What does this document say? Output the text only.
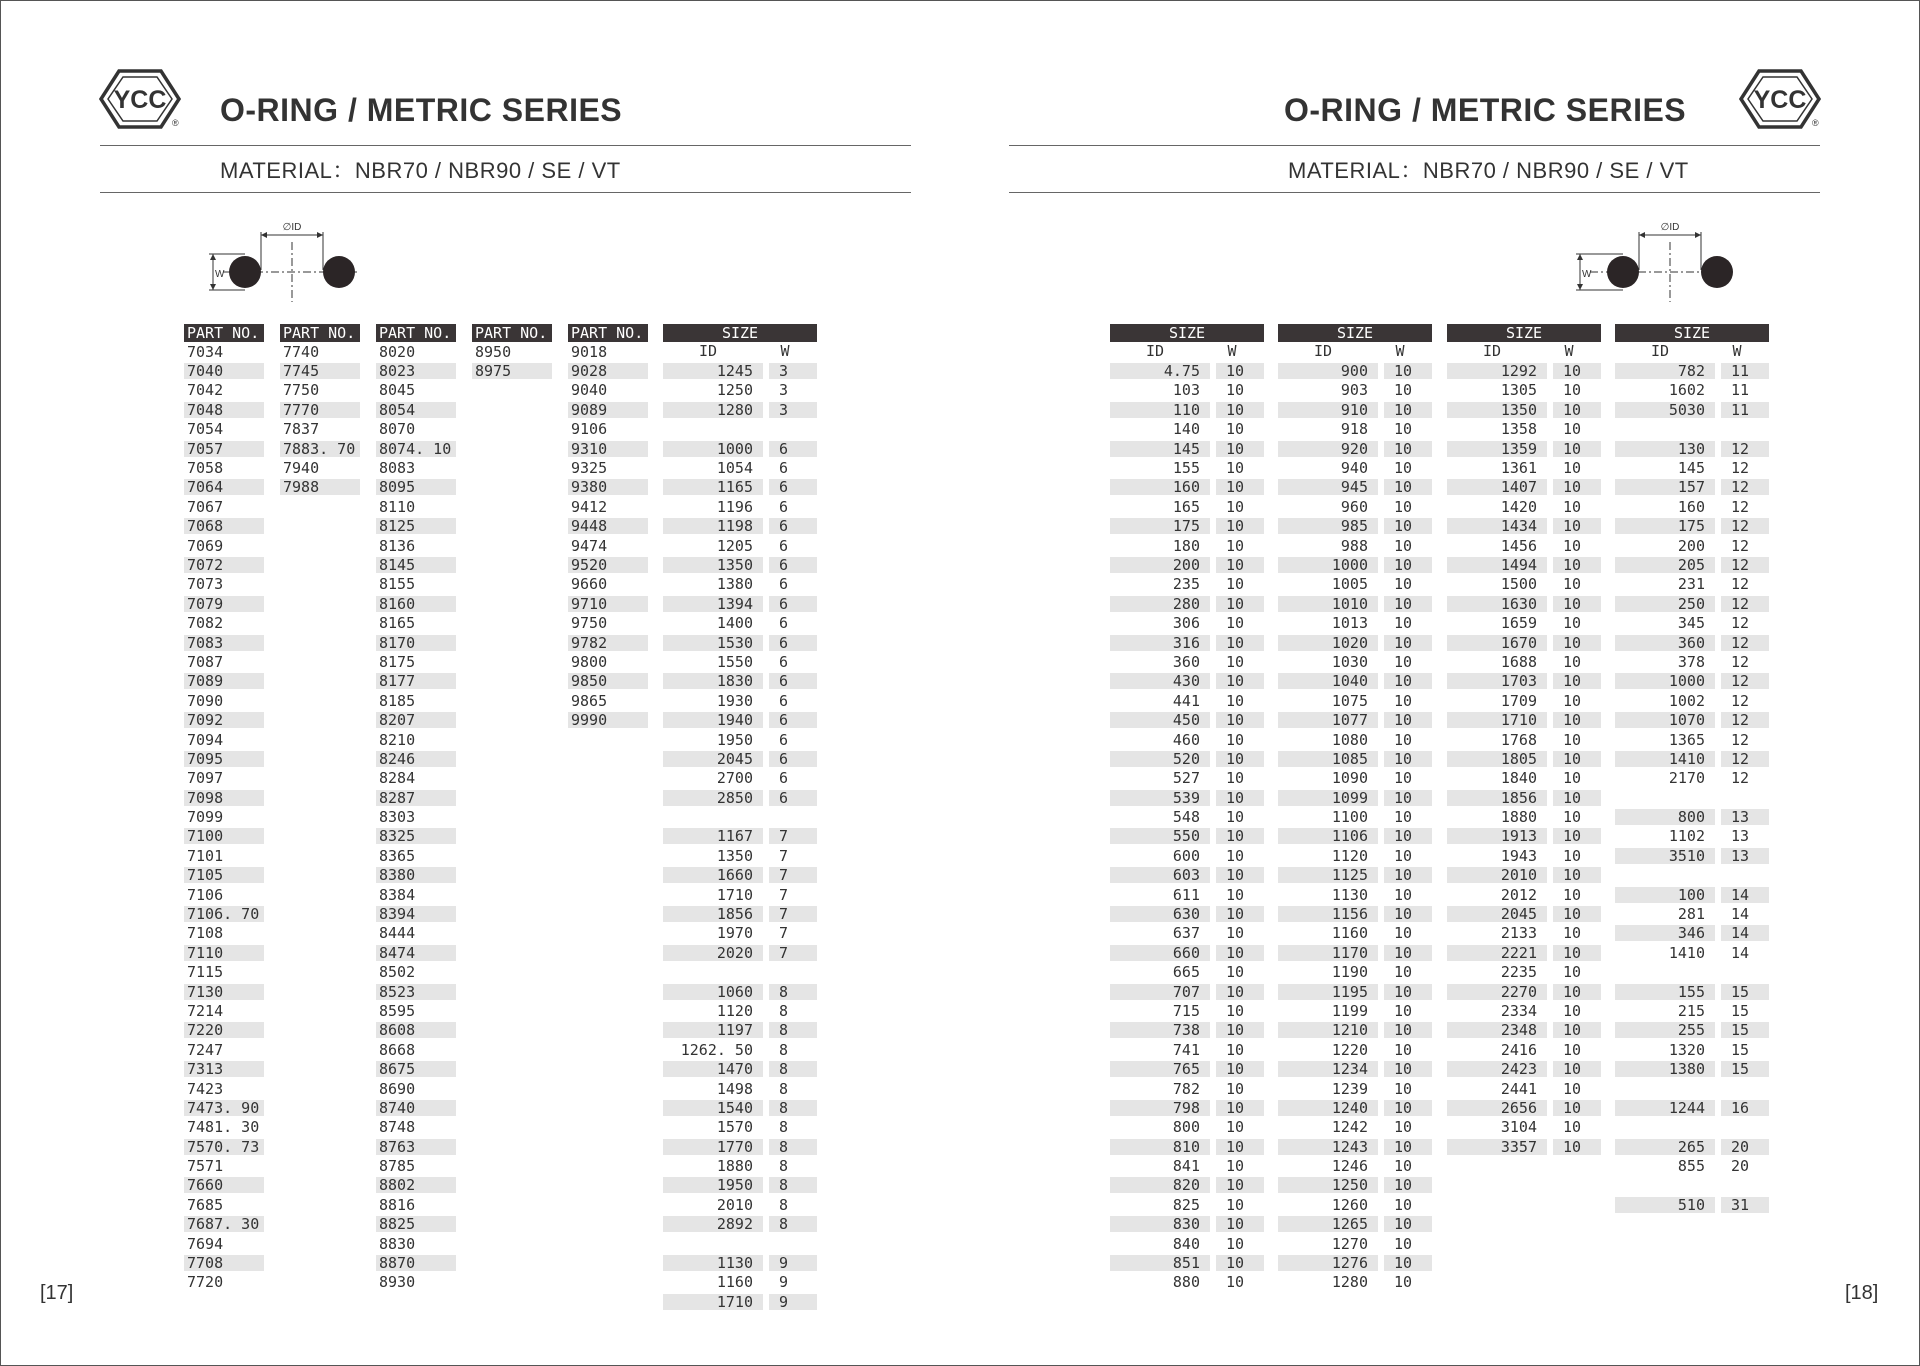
YCC
® O-RING / METRIC SERIES
MATERIAL：NBR70 / NBR90 / SE / VT
∅ID
W
PART NO.
7034
7040
7042
7048
7054
7057
7058
7064
7067
7068
7069
7072
7073
7079
7082
7083
7087
7089
7090
7092
7094
7095
7097
7098
7099
7100
7101
7105
7106
7106. 70
7108
7110
7115
7130
7214
7220
7247
7313
7423
7473. 90
7481. 30
7570. 73
7571
7660
7685
7687. 30
7694
7708
7720
PART NO.
7740
7745
7750
7770
7837
7883. 70
7940
7988
PART NO.
8020
8023
8045
8054
8070
8074. 10
8083
8095
8110
8125
8136
8145
8155
8160
8165
8170
8175
8177
8185
8207
8210
8246
8284
8287
8303
8325
8365
8380
8384
8394
8444
8474
8502
8523
8595
8608
8668
8675
8690
8740
8748
8763
8785
8802
8816
8825
8830
8870
8930
PART NO.
8950
8975
PART NO.
9018
9028
9040
9089
9106
9310
9325
9380
9412
9448
9474
9520
9660
9710
9750
9782
9800
9850
9865
9990
SIZE
ID	W
1245	3
1250	3
1280	3
1000	6
1054	6
1165	6
1196	6
1198	6
1205	6
1350	6
1380	6
1394	6
1400	6
1530	6
1550	6
1830	6
1930	6
1940	6
1950	6
2045	6
2700	6
2850	6
1167	7
1350	7
1660	7
1710	7
1856	7
1970	7
2020	7
1060	8
1120	8
1197	8
1262. 50	8
1470	8
1498	8
1540	8
1570	8
1770	8
1880	8
1950	8
2010	8
2892	8
1130	9
1160	9
1710	9
[17]
O-RING / METRIC SERIES	YCC
®
MATERIAL：NBR70 / NBR90 / SE / VT
∅ID
W
SIZE
ID	W
4.75	10
103	10
110	10
140	10
145	10
155	10
160	10
165	10
175	10
180	10
200	10
235	10
280	10
306	10
316	10
360	10
430	10
441	10
450	10
460	10
520	10
527	10
539	10
548	10
550	10
600	10
603	10
611	10
630	10
637	10
660	10
665	10
707	10
715	10
738	10
741	10
765	10
782	10
798	10
800	10
810	10
841	10
820	10
825	10
830	10
840	10
851	10
880	10
SIZE
ID	W
900	10
903	10
910	10
918	10
920	10
940	10
945	10
960	10
985	10
988	10
1000	10
1005	10
1010	10
1013	10
1020	10
1030	10
1040	10
1075	10
1077	10
1080	10
1085	10
1090	10
1099	10
1100	10
1106	10
1120	10
1125	10
1130	10
1156	10
1160	10
1170	10
1190	10
1195	10
1199	10
1210	10
1220	10
1234	10
1239	10
1240	10
1242	10
1243	10
1246	10
1250	10
1260	10
1265	10
1270	10
1276	10
1280	10
SIZE
ID	W
1292	10
1305	10
1350	10
1358	10
1359	10
1361	10
1407	10
1420	10
1434	10
1456	10
1494	10
1500	10
1630	10
1659	10
1670	10
1688	10
1703	10
1709	10
1710	10
1768	10
1805	10
1840	10
1856	10
1880	10
1913	10
1943	10
2010	10
2012	10
2045	10
2133	10
2221	10
2235	10
2270	10
2334	10
2348	10
2416	10
2423	10
2441	10
2656	10
3104	10
3357	10
SIZE
ID	W
782	11
1602	11
5030	11
130	12
145	12
157	12
160	12
175	12
200	12
205	12
231	12
250	12
345	12
360	12
378	12
1000	12
1002	12
1070	12
1365	12
1410	12
2170	12
800	13
1102	13
3510	13
100	14
281	14
346	14
1410	14
155	15
215	15
255	15
1320	15
1380	15
1244	16
265	20
855	20
510	31
[18]
